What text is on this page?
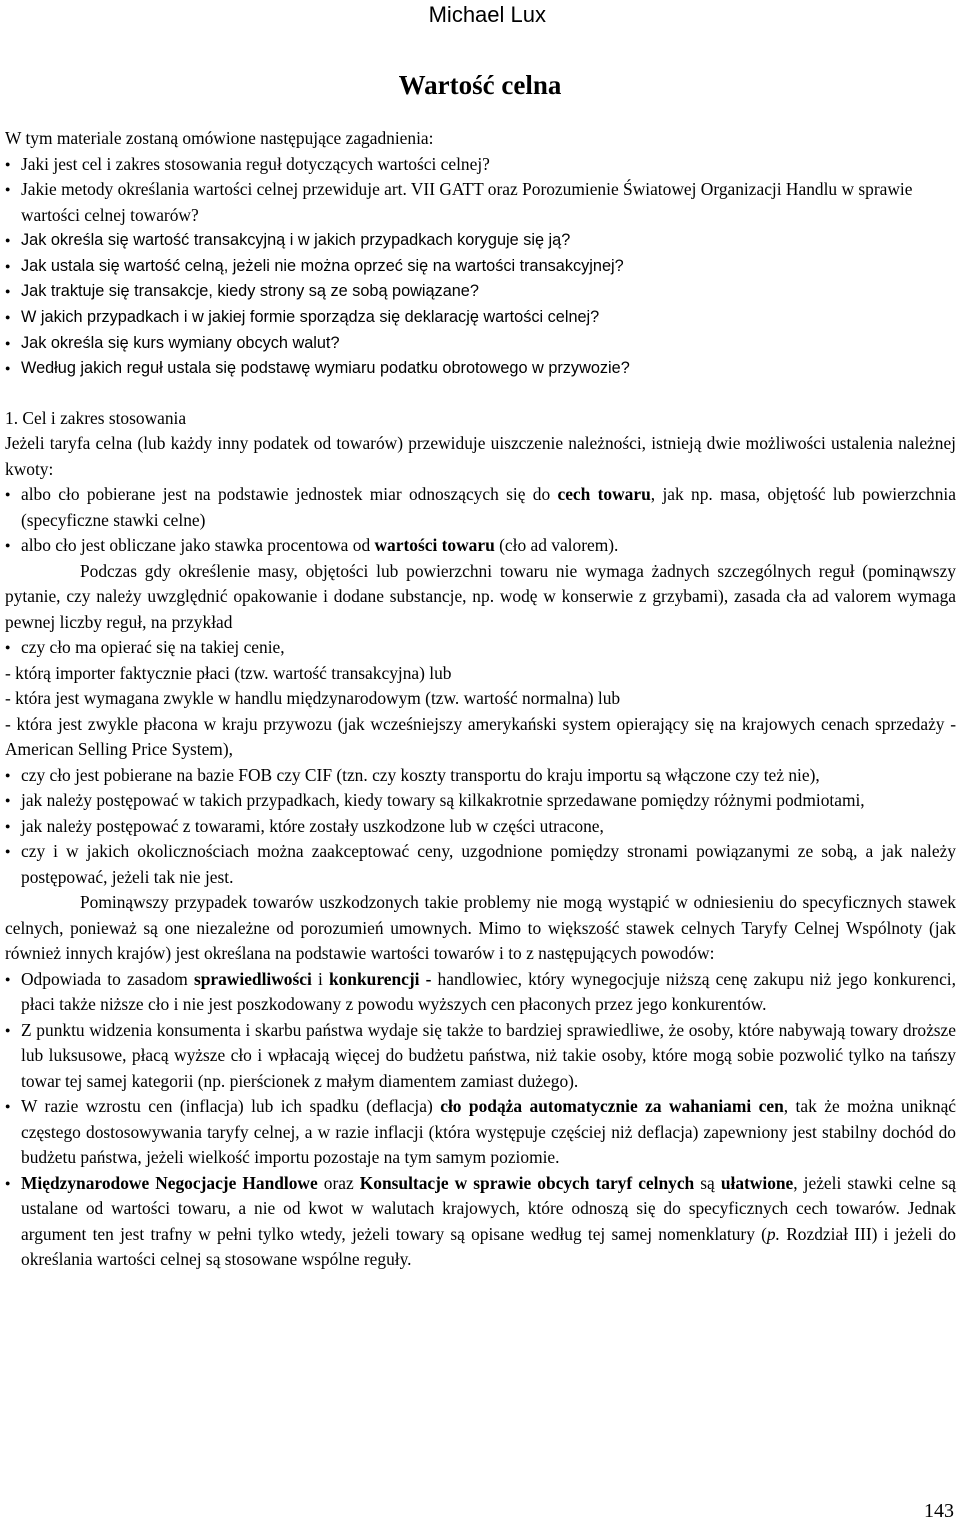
Michael Lux
Wartość celna

W tym materiale zostaną omówione następujące zagadnienia:

● Jaki jest cel i zakres stosowania reguł dotyczących wartości celnej?
● Jakie metody określania wartości celnej przewiduje art. VII GATT oraz Porozumienie Światowej Organizacji Handlu w sprawie wartości celnej towarów?
● Jak określa się wartość transakcyjną i w jakich przypadkach koryguje się ją?
● Jak ustala się wartość celną, jeżeli nie można oprzeć się na wartości transakcyjnej?
● Jak traktuje się transakcje, kiedy strony są ze sobą powiązane?
● W jakich przypadkach i w jakiej formie sporządza się deklarację wartości celnej?
● Jak określa się kurs wymiany obcych walut?
● Według jakich reguł ustala się podstawę wymiaru podatku obrotowego w przywozie?

1. Cel i zakres stosowania

Jeżeli taryfa celna (lub każdy inny podatek od towarów) przewiduje uiszczenie należności, istnieją dwie możliwości ustalenia należnej kwoty:

● albo cło pobierane jest na podstawie jednostek miar odnoszących się do cech towaru, jak np. masa, objętość lub powierzchnia (specyficzne stawki celne)

● albo cło jest obliczane jako stawka procentowa od wartości towaru (cło ad valorem).

Podczas gdy określenie masy, objętości lub powierzchni towaru nie wymaga żadnych szczególnych reguł (pominąwszy pytanie, czy należy uwzględnić opakowanie i dodane substancje, np. wodę w konserwie z grzybami), zasada cła ad valorem wymaga pewnej liczby reguł, na przykład

● czy cło ma opierać się na takiej cenie,

- którą importer faktycznie płaci (tzw. wartość transakcyjna) lub

- która jest wymagana zwykle w handlu międzynarodowym (tzw. wartość normalna) lub

- która jest zwykle płacona w kraju przywozu (jak wcześniejszy amerykański system opierający się na krajowych cenach sprzedaży - American Selling Price System),

● czy cło jest pobierane na bazie FOB czy CIF (tzn. czy koszty transportu do kraju importu są włączone czy też nie),

● jak należy postępować w takich przypadkach, kiedy towary są kilkakrotnie sprzedawane pomiędzy różnymi podmiotami,

● jak należy postępować z towarami, które zostały uszkodzone lub w części utracone,

● czy i w jakich okolicznościach można zaakceptować ceny, uzgodnione pomiędzy stronami powiązanymi ze sobą, a jak należy postępować, jeżeli tak nie jest.

Pominąwszy przypadek towarów uszkodzonych takie problemy nie mogą wystąpić w odniesieniu do specyficznych stawek celnych, ponieważ są one niezależne od porozumień umownych. Mimo to większość stawek celnych Taryfy Celnej Wspólnoty (jak również innych krajów) jest określana na podstawie wartości towarów i to z następujących powodów:

● Odpowiada to zasadom sprawiedliwości i konkurencji - handlowiec, który wynegocjuje niższą cenę zakupu niż jego konkurenci, płaci także niższe cło i nie jest poszkodowany z powodu wyższych cen płaconych przez jego konkurentów.

● Z punktu widzenia konsumenta i skarbu państwa wydaje się także to bardziej sprawiedliwe, że osoby, które nabywają towary droższe lub luksusowe, płacą wyższe cło i wpłacają więcej do budżetu państwa, niż takie osoby, które mogą sobie pozwolić tylko na tańszy towar tej samej kategorii (np. pierścionek z małym diamentem zamiast dużego).

● W razie wzrostu cen (inflacja) lub ich spadku (deflacja) cło podąża automatycznie za wahaniami cen, tak że można uniknąć częstego dostosowywania taryfy celnej, a w razie inflacji (która występuje częściej niż deflacja) zapewniony jest stabilny dochód do budżetu państwa, jeżeli wielkość importu pozostaje na tym samym poziomie.

● Międzynarodowe Negocjacje Handlowe oraz Konsultacje w sprawie obcych taryf celnych są ułatwione, jeżeli stawki celne są ustalane od wartości towaru, a nie od kwot w walutach krajowych, które odnoszą się do specyficznych cech towarów. Jednak argument ten jest trafny w pełni tylko wtedy, jeżeli towary są opisane według tej samej nomenklatury (p. Rozdział III) i jeżeli do określania wartości celnej są stosowane wspólne reguły.

143
